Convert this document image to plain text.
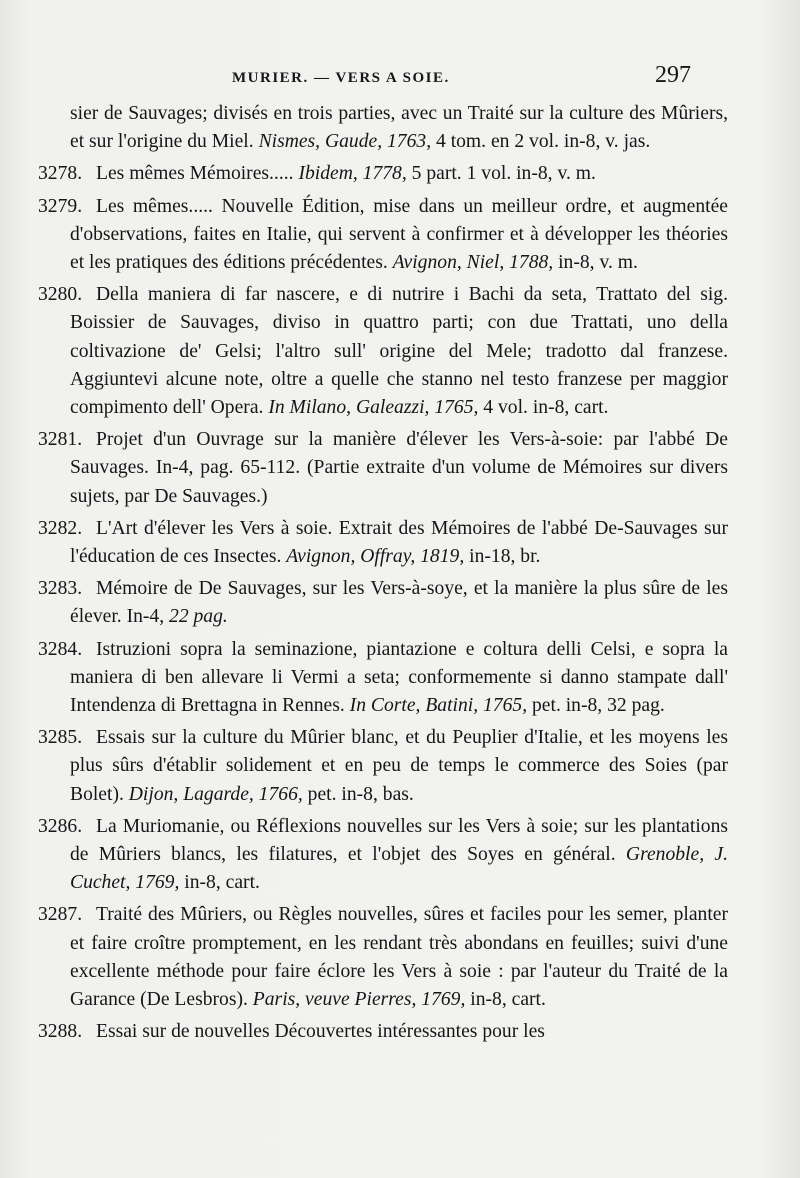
MURIER. — VERS A SOIE.	297

sier de Sauvages; divisés en trois parties, avec un Traité sur la culture des Mûriers, et sur l'origine du Miel. Nismes, Gaude, 1763, 4 tom. en 2 vol. in-8, v. jas.

3278. Les mêmes Mémoires..... Ibidem, 1778, 5 part. 1 vol. in-8, v. m.

3279. Les mêmes..... Nouvelle Édition, mise dans un meilleur ordre, et augmentée d'observations, faites en Italie, qui servent à confirmer et à développer les théories et les pratiques des éditions précédentes. Avignon, Niel, 1788, in-8, v. m.

3280. Della maniera di far nascere, e di nutrire i Bachi da seta, Trattato del sig. Boissier de Sauvages, diviso in quattro parti; con due Trattati, uno della coltivazione de' Gelsi; l'altro sull' origine del Mele; tradotto dal franzese. Aggiuntevi alcune note, oltre a quelle che stanno nel testo franzese per maggior compimento dell' Opera. In Milano, Galeazzi, 1765, 4 vol. in-8, cart.

3281. Projet d'un Ouvrage sur la manière d'élever les Vers-à-soie: par l'abbé De Sauvages. In-4, pag. 65-112. (Partie extraite d'un volume de Mémoires sur divers sujets, par De Sauvages.)

3282. L'Art d'élever les Vers à soie. Extrait des Mémoires de l'abbé De-Sauvages sur l'éducation de ces Insectes. Avignon, Offray, 1819, in-18, br.

3283. Mémoire de De Sauvages, sur les Vers-à-soye, et la manière la plus sûre de les élever. In-4, 22 pag.

3284. Istruzioni sopra la seminazione, piantazione e coltura delli Celsi, e sopra la maniera di ben allevare li Vermi a seta; conformemente si danno stampate dall' Intendenza di Brettagna in Rennes. In Corte, Batini, 1765, pet. in-8, 32 pag.

3285. Essais sur la culture du Mûrier blanc, et du Peuplier d'Italie, et les moyens les plus sûrs d'établir solidement et en peu de temps le commerce des Soies (par Bolet). Dijon, Lagarde, 1766, pet. in-8, bas.

3286. La Muriomanie, ou Réflexions nouvelles sur les Vers à soie; sur les plantations de Mûriers blancs, les filatures, et l'objet des Soyes en général. Grenoble, J. Cuchet, 1769, in-8, cart.

3287. Traité des Mûriers, ou Règles nouvelles, sûres et faciles pour les semer, planter et faire croître promptement, en les rendant très abondans en feuilles; suivi d'une excellente méthode pour faire éclore les Vers à soie : par l'auteur du Traité de la Garance (De Lesbros). Paris, veuve Pierres, 1769, in-8, cart.

3288. Essai sur de nouvelles Découvertes intéressantes pour les
